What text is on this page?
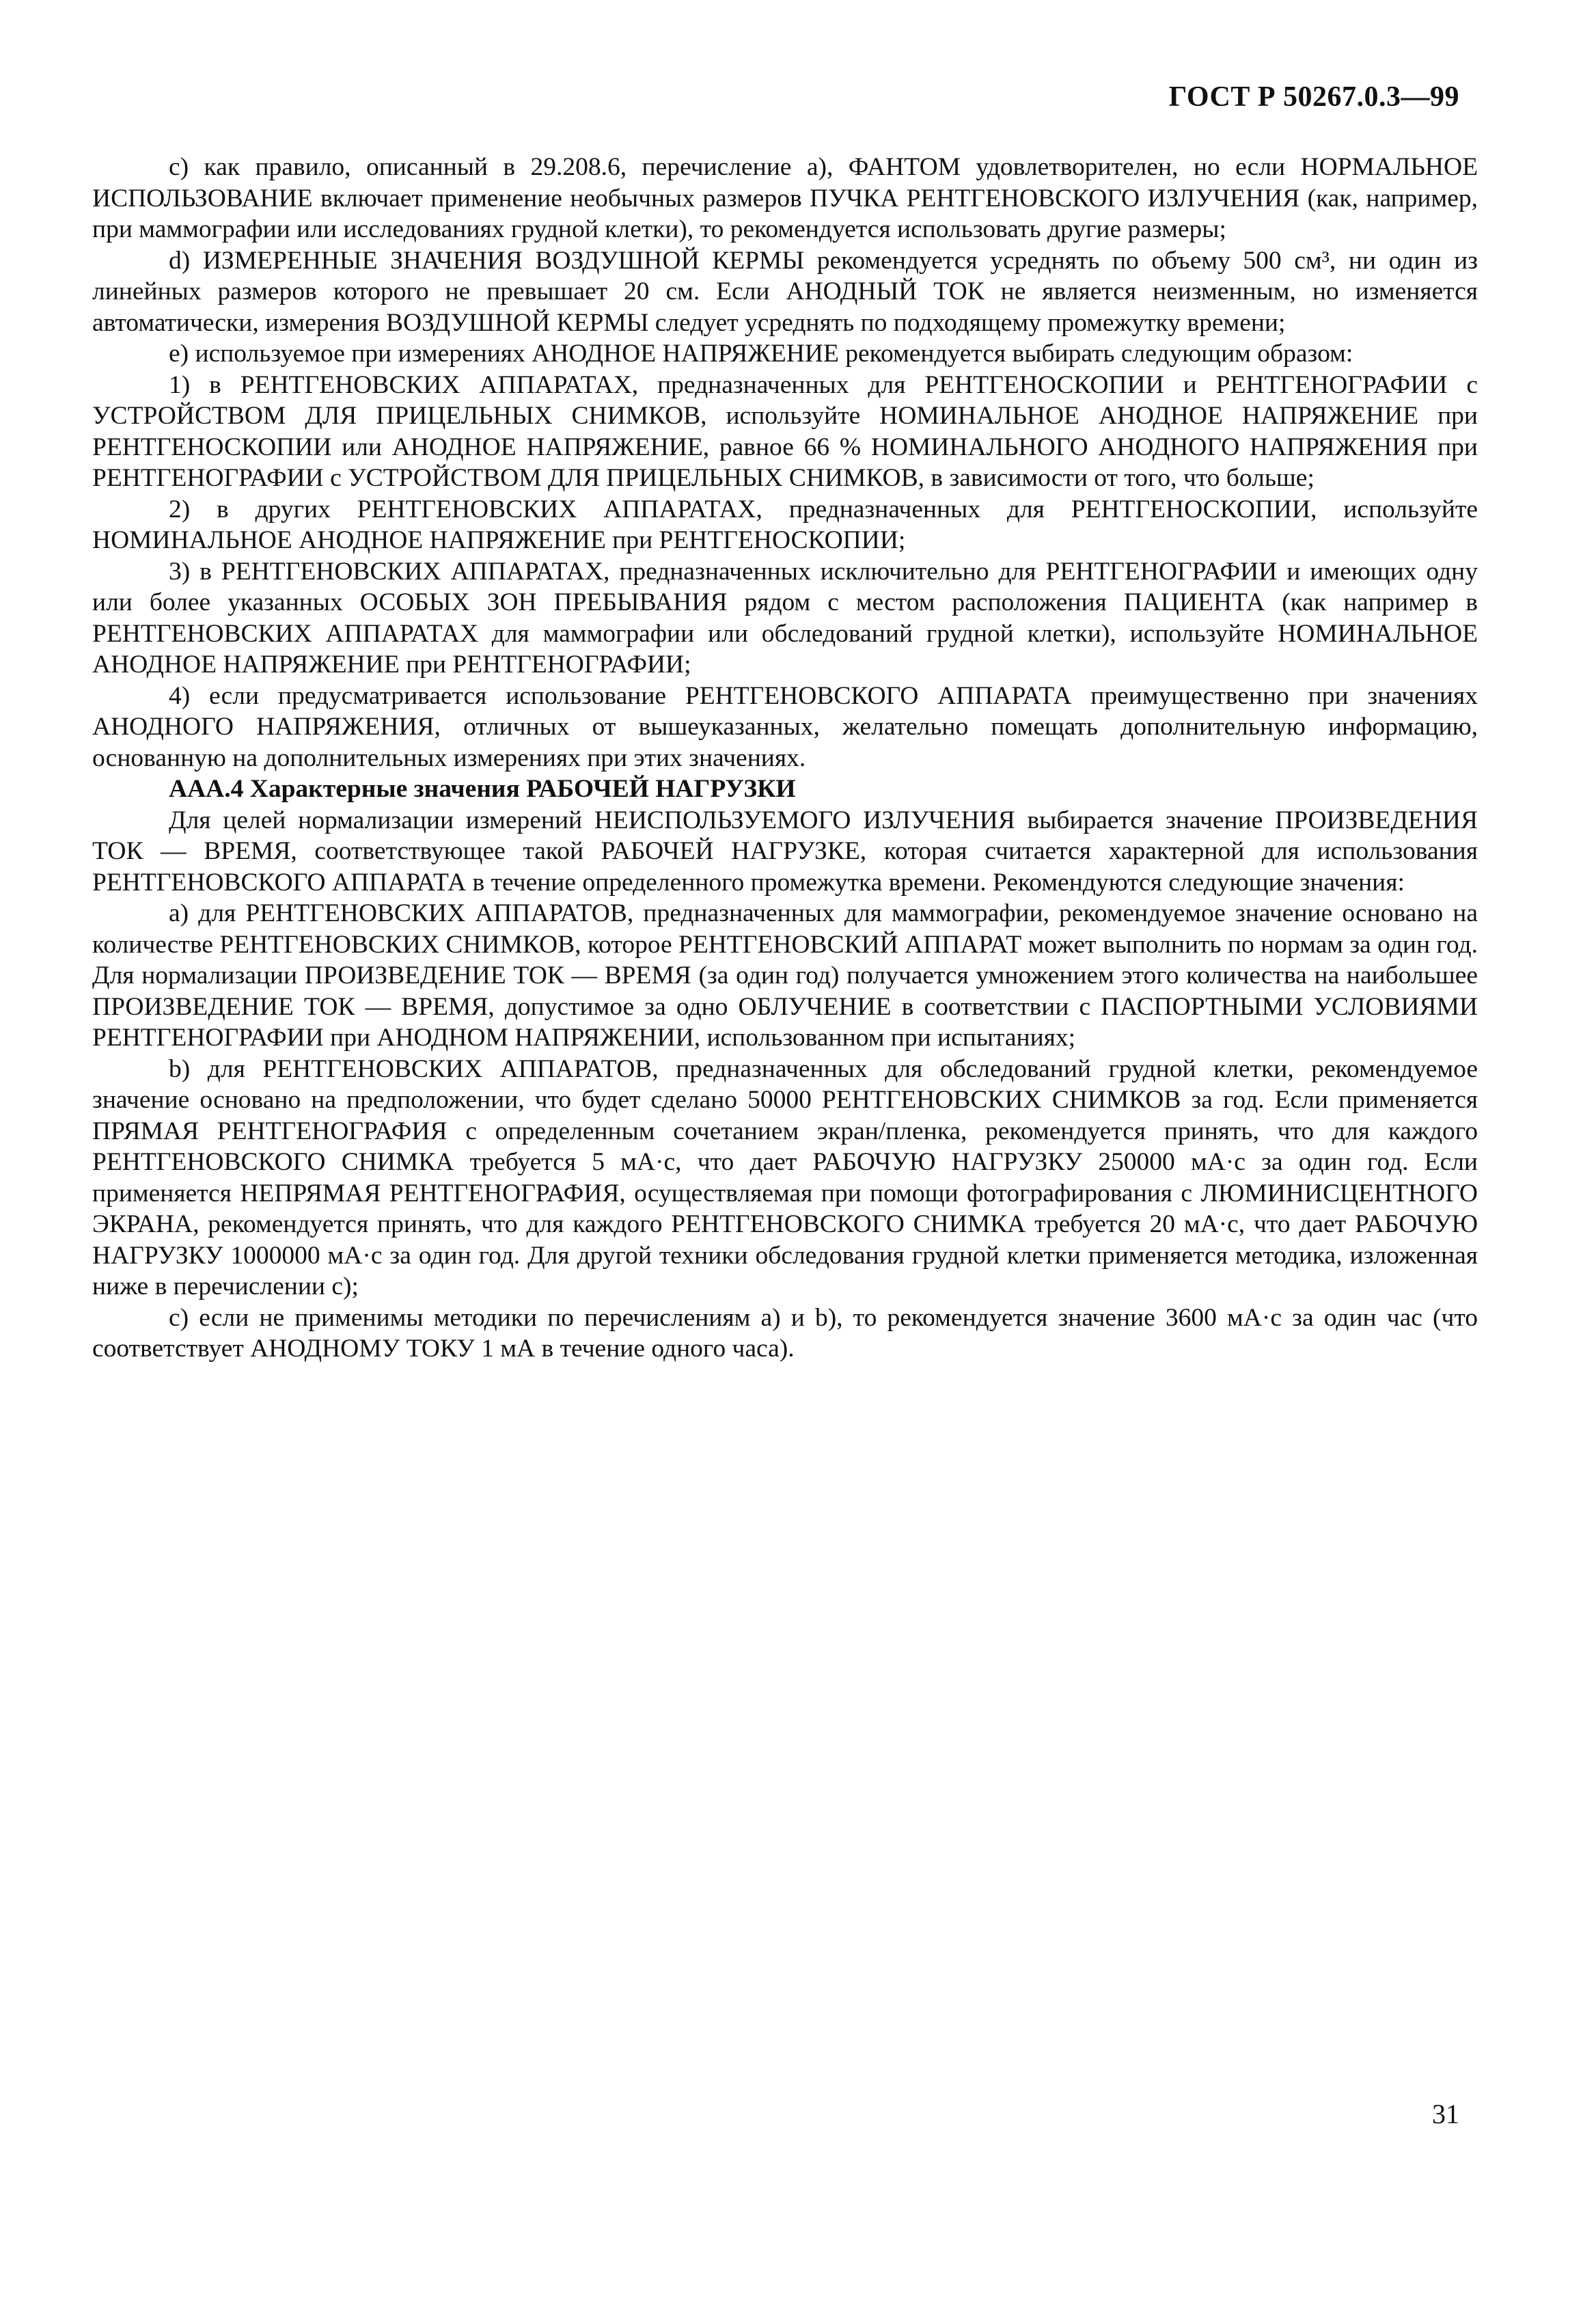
ГОСТ Р 50267.0.3—99

c) как правило, описанный в 29.208.6, перечисление a), ФАНТОМ удовлетворителен, но если НОРМАЛЬНОЕ ИСПОЛЬЗОВАНИЕ включает применение необычных размеров ПУЧКА РЕНТГЕНОВСКОГО ИЗЛУЧЕНИЯ (как, например, при маммографии или исследованиях грудной клетки), то рекомендуется использовать другие размеры;

d) ИЗМЕРЕННЫЕ ЗНАЧЕНИЯ ВОЗДУШНОЙ КЕРМЫ рекомендуется усреднять по объему 500 см³, ни один из линейных размеров которого не превышает 20 см. Если АНОДНЫЙ ТОК не является неизменным, но изменяется автоматически, измерения ВОЗДУШНОЙ КЕРМЫ следует усреднять по подходящему промежутку времени;

e) используемое при измерениях АНОДНОЕ НАПРЯЖЕНИЕ рекомендуется выбирать следующим образом:

1) в РЕНТГЕНОВСКИХ АППАРАТАХ, предназначенных для РЕНТГЕНОСКОПИИ и РЕНТГЕНОГРАФИИ с УСТРОЙСТВОМ ДЛЯ ПРИЦЕЛЬНЫХ СНИМКОВ, используйте НОМИНАЛЬНОЕ АНОДНОЕ НАПРЯЖЕНИЕ при РЕНТГЕНОСКОПИИ или АНОДНОЕ НАПРЯЖЕНИЕ, равное 66 % НОМИНАЛЬНОГО АНОДНОГО НАПРЯЖЕНИЯ при РЕНТГЕНОГРАФИИ с УСТРОЙСТВОМ ДЛЯ ПРИЦЕЛЬНЫХ СНИМКОВ, в зависимости от того, что больше;

2) в других РЕНТГЕНОВСКИХ АППАРАТАХ, предназначенных для РЕНТГЕНОСКОПИИ, используйте НОМИНАЛЬНОЕ АНОДНОЕ НАПРЯЖЕНИЕ при РЕНТГЕНОСКОПИИ;

3) в РЕНТГЕНОВСКИХ АППАРАТАХ, предназначенных исключительно для РЕНТГЕНОГРАФИИ и имеющих одну или более указанных ОСОБЫХ ЗОН ПРЕБЫВАНИЯ рядом с местом расположения ПАЦИЕНТА (как например в РЕНТГЕНОВСКИХ АППАРАТАХ для маммографии или обследований грудной клетки), используйте НОМИНАЛЬНОЕ АНОДНОЕ НАПРЯЖЕНИЕ при РЕНТГЕНОГРАФИИ;

4) если предусматривается использование РЕНТГЕНОВСКОГО АППАРАТА преимущественно при значениях АНОДНОГО НАПРЯЖЕНИЯ, отличных от вышеуказанных, желательно помещать дополнительную информацию, основанную на дополнительных измерениях при этих значениях.

AAA.4 Характерные значения РАБОЧЕЙ НАГРУЗКИ

Для целей нормализации измерений НЕИСПОЛЬЗУЕМОГО ИЗЛУЧЕНИЯ выбирается значение ПРОИЗВЕДЕНИЯ ТОК — ВРЕМЯ, соответствующее такой РАБОЧЕЙ НАГРУЗКЕ, которая считается характерной для использования РЕНТГЕНОВСКОГО АППАРАТА в течение определенного промежутка времени. Рекомендуются следующие значения:

a) для РЕНТГЕНОВСКИХ АППАРАТОВ, предназначенных для маммографии, рекомендуемое значение основано на количестве РЕНТГЕНОВСКИХ СНИМКОВ, которое РЕНТГЕНОВСКИЙ АППАРАТ может выполнить по нормам за один год. Для нормализации ПРОИЗВЕДЕНИЕ ТОК — ВРЕМЯ (за один год) получается умножением этого количества на наибольшее ПРОИЗВЕДЕНИЕ ТОК — ВРЕМЯ, допустимое за одно ОБЛУЧЕНИЕ в соответствии с ПАСПОРТНЫМИ УСЛОВИЯМИ РЕНТГЕНОГРАФИИ при АНОДНОМ НАПРЯЖЕНИИ, использованном при испытаниях;

b) для РЕНТГЕНОВСКИХ АППАРАТОВ, предназначенных для обследований грудной клетки, рекомендуемое значение основано на предположении, что будет сделано 50000 РЕНТГЕНОВСКИХ СНИМКОВ за год. Если применяется ПРЯМАЯ РЕНТГЕНОГРАФИЯ с определенным сочетанием экран/пленка, рекомендуется принять, что для каждого РЕНТГЕНОВСКОГО СНИМКА требуется 5 мА·с, что дает РАБОЧУЮ НАГРУЗКУ 250000 мА·с за один год. Если применяется НЕПРЯМАЯ РЕНТГЕНОГРАФИЯ, осуществляемая при помощи фотографирования с ЛЮМИНИСЦЕНТНОГО ЭКРАНА, рекомендуется принять, что для каждого РЕНТГЕНОВСКОГО СНИМКА требуется 20 мА·с, что дает РАБОЧУЮ НАГРУЗКУ 1000000 мА·с за один год. Для другой техники обследования грудной клетки применяется методика, изложенная ниже в перечислении c);

c) если не применимы методики по перечислениям a) и b), то рекомендуется значение 3600 мА·с за один час (что соответствует АНОДНОМУ ТОКУ 1 мА в течение одного часа).

31
